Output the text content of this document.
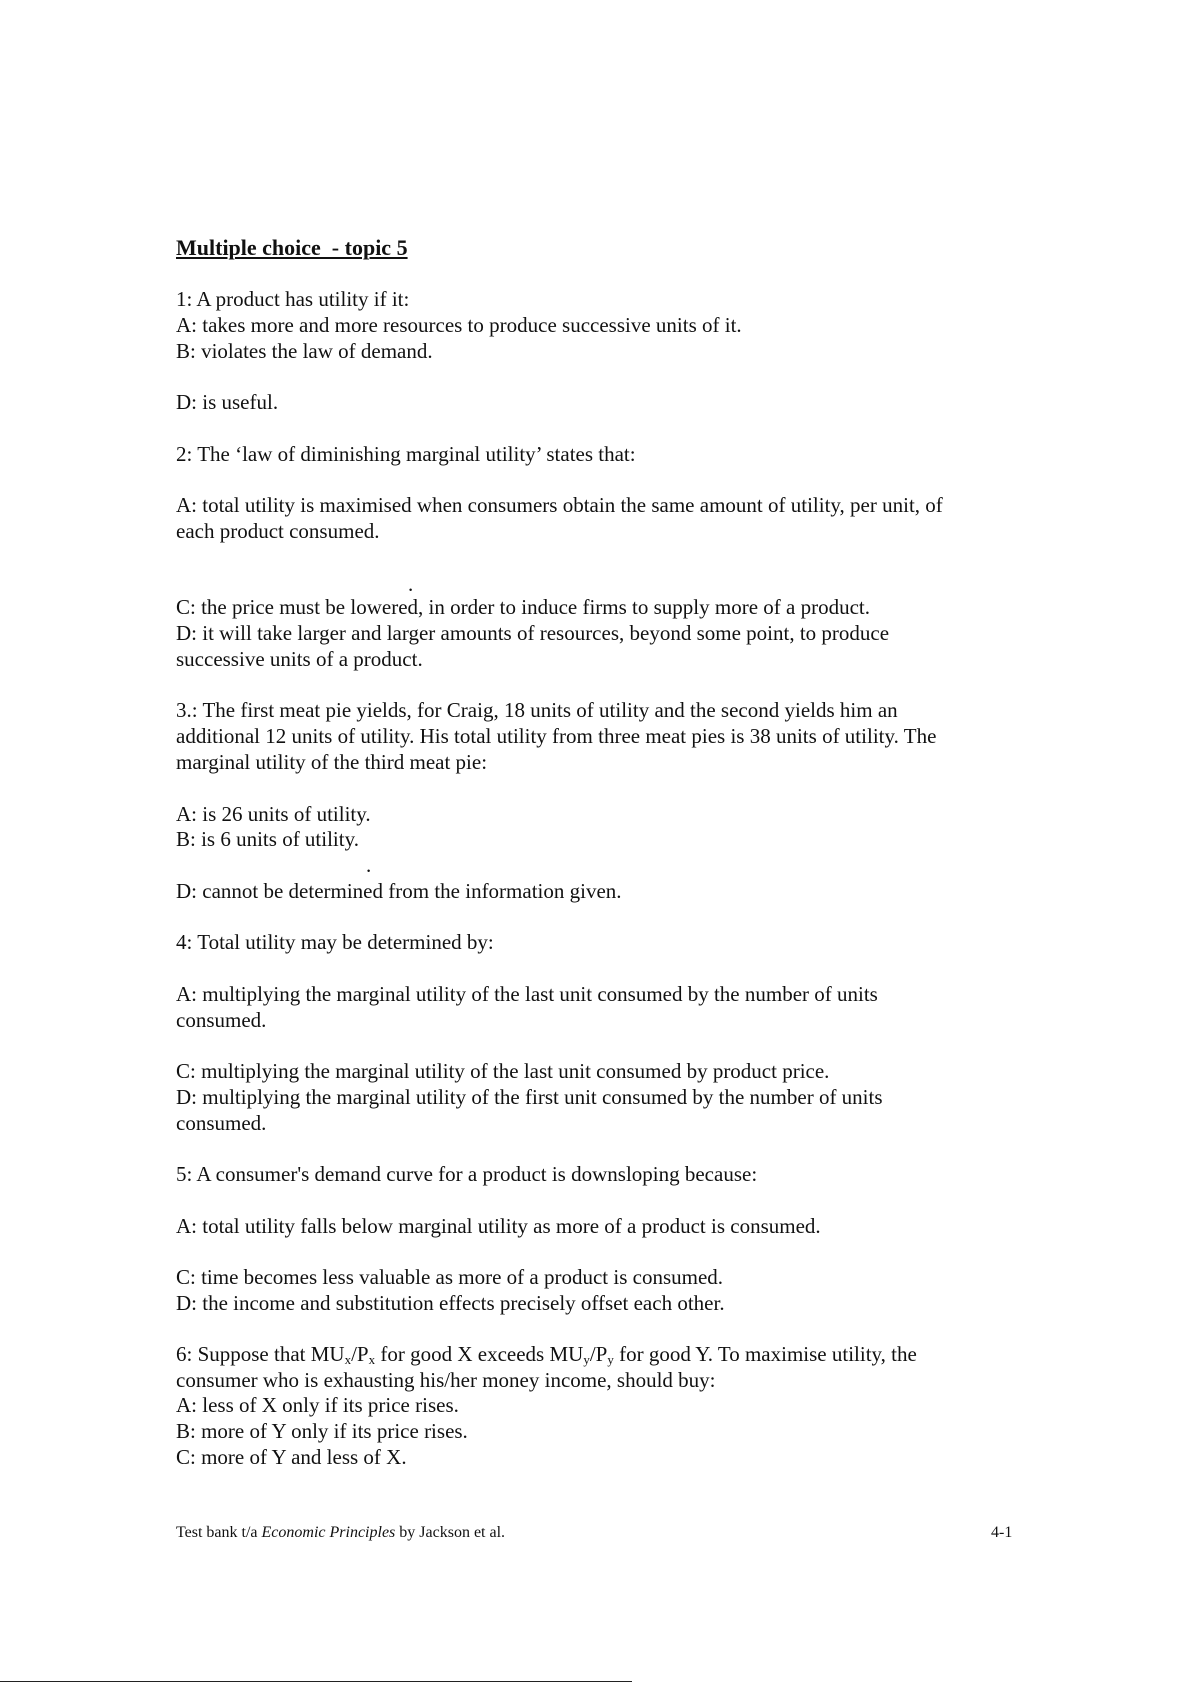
Multiple choice  - topic 5
1: A product has utility if it:
A: takes more and more resources to produce successive units of it.
B: violates the law of demand.
D: is useful.
2: The ‘law of diminishing marginal utility’ states that:
A: total utility is maximised when consumers obtain the same amount of utility, per unit, of
each product consumed.
.
C: the price must be lowered, in order to induce firms to supply more of a product.
D: it will take larger and larger amounts of resources, beyond some point, to produce
successive units of a product.
3.: The first meat pie yields, for Craig, 18 units of utility and the second yields him an
additional 12 units of utility. His total utility from three meat pies is 38 units of utility. The
marginal utility of the third meat pie:
A: is 26 units of utility.
B: is 6 units of utility.
.
D: cannot be determined from the information given.
4: Total utility may be determined by:
A: multiplying the marginal utility of the last unit consumed by the number of units
consumed.
C: multiplying the marginal utility of the last unit consumed by product price.
D: multiplying the marginal utility of the first unit consumed by the number of units
consumed.
5: A consumer's demand curve for a product is downsloping because:
A: total utility falls below marginal utility as more of a product is consumed.
C: time becomes less valuable as more of a product is consumed.
D: the income and substitution effects precisely offset each other.
6: Suppose that $MU_x/P_x$ for good X exceeds $MU_y/P_y$ for good Y. To maximise utility, the
consumer who is exhausting his/her money income, should buy:
A: less of X only if its price rises.
B: more of Y only if its price rises.
C: more of Y and less of X.
Test bank t/a Economic Principles by Jackson et al.	4-1
